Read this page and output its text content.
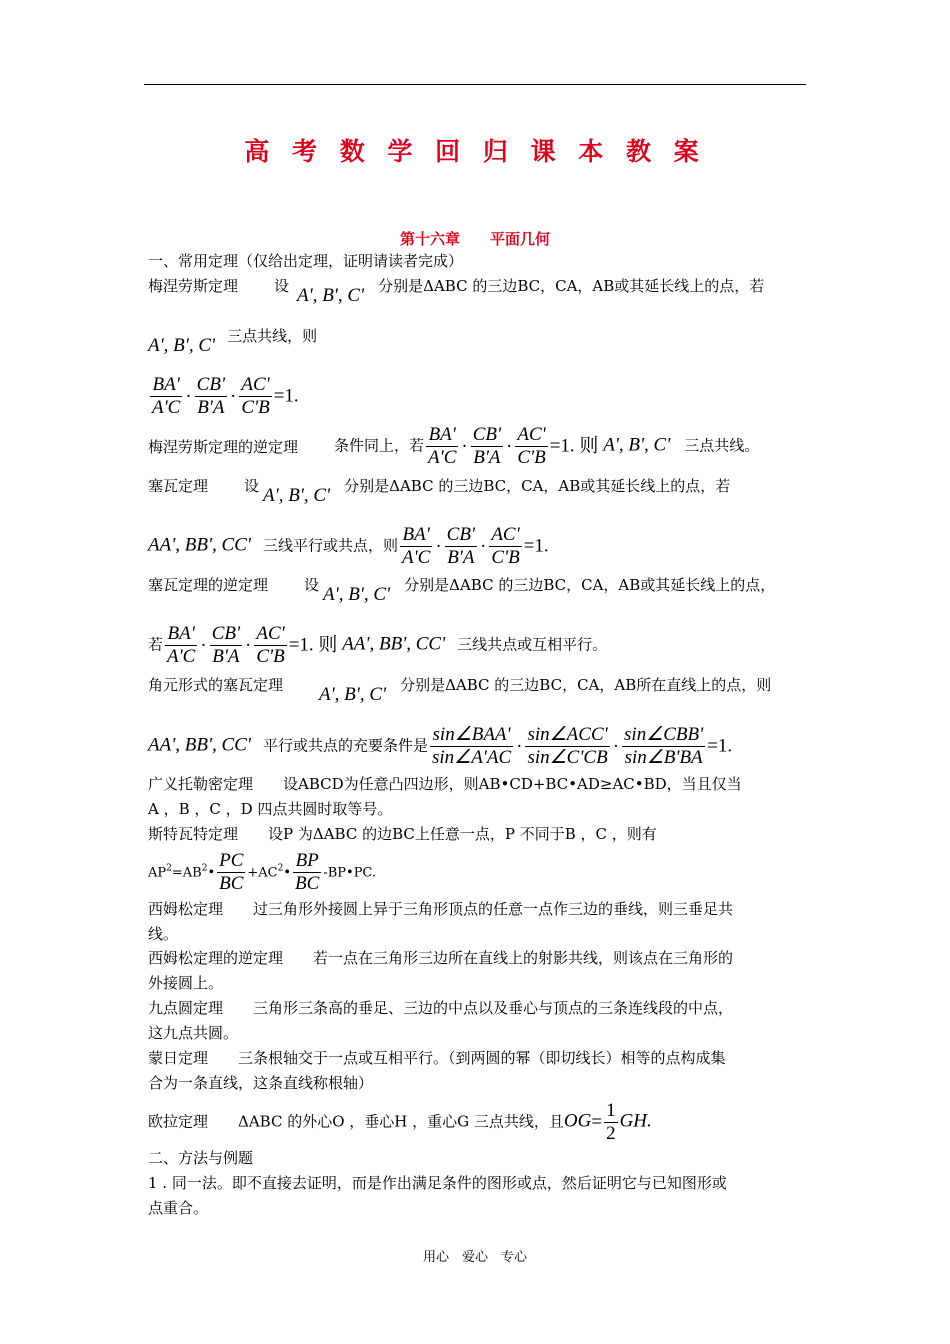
高 考 数 学 回 归 课 本 教 案
第十六章　　平面几何
一、常用定理（仅给出定理，证明请读者完成）
梅涅劳斯定理 设 A', B', C' 分别是ΔABC 的三边BC，CA，AB或其延长线上的点，若
A', B', C' 三点共线，则
$\frac{BA'}{A'C} \cdot \frac{CB'}{B'A} \cdot \frac{AC'}{C'B} =1$.
梅涅劳斯定理的逆定理 条件同上，若 $\frac{BA'}{A'C} \cdot \frac{CB'}{B'A} \cdot \frac{AC'}{C'B} =1$. 则 A', B', C' 三点共线。
塞瓦定理 设 A', B', C' 分别是ΔABC 的三边BC，CA，AB或其延长线上的点，若
AA', BB', CC' 三线平行或共点，则 $\frac{BA'}{A'C} \cdot \frac{CB'}{B'A} \cdot \frac{AC'}{C'B} =1$.
塞瓦定理的逆定理 设 A', B', C' 分别是ΔABC 的三边BC，CA，AB或其延长线上的点，
若 $\frac{BA'}{A'C} \cdot \frac{CB'}{B'A} \cdot \frac{AC'}{C'B} =1$. 则 AA', BB', CC' 三线共点或互相平行。
角元形式的塞瓦定理 A', B', C' 分别是ΔABC 的三边BC，CA，AB所在直线上的点，则
AA', BB', CC' 平行或共点的充要条件是 $\frac{\text{sin∠BAA'}}{\sin\angle A'AC} \cdot \frac{\text{sin∠ACC'}}{\sin\angle C'CB} \cdot \frac{\text{sin∠CBB'}}{\sin\angle B'BA} =1$.
广义托勒密定理　　设ABCD为任意凸四边形，则AB•CD+BC•AD≥AC•BD，当且仅当
A ，B ，C ，D 四点共圆时取等号。
斯特瓦特定理　　设P 为ΔABC 的边BC上任意一点，P 不同于B ，C ，则有
$AP^2=AB^2• \frac{PC}{BC}$ $+AC^2• \frac{BP}{BC}$ -BP•PC.
西姆松定理　　过三角形外接圆上异于三角形顶点的任意一点作三边的垂线，则三垂足共
线。
西姆松定理的逆定理　　若一点在三角形三边所在直线上的射影共线，则该点在三角形的
外接圆上。
九点圆定理　　三角形三条高的垂足、三边的中点以及垂心与顶点的三条连线段的中点，
这九点共圆。
蒙日定理　　三条根轴交于一点或互相平行。（到两圆的幂（即切线长）相等的点构成集
合为一条直线，这条直线称根轴）
欧拉定理　　ΔABC 的外心O ，垂心H ，重心G 三点共线，且$OG= \frac{1}{2}$ GH.
二、方法与例题
1 . 同一法。即不直接去证明，而是作出满足条件的图形或点，然后证明它与已知图形或
点重合。
用心　爱心　专心
